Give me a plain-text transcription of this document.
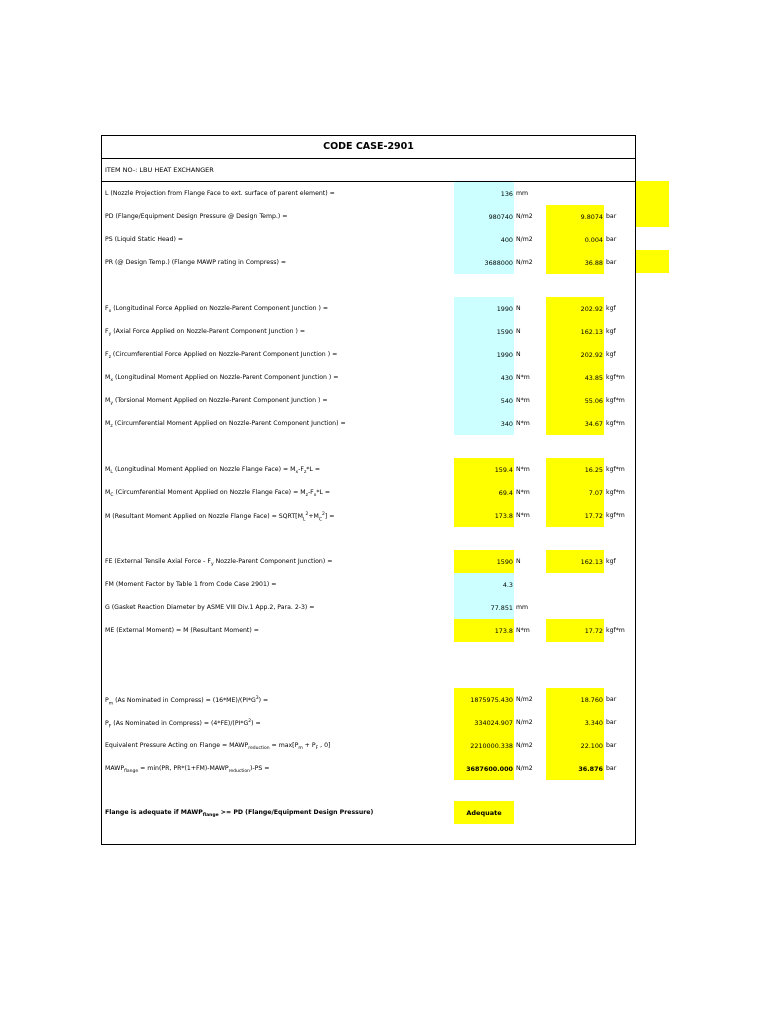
CODE CASE-2901
ITEM NO-: LBU HEAT EXCHANGER
L (Nozzle Projection from Flange Face to ext. surface of parent element) =	136 mm
PD (Flange/Equipment Design Pressure @ Design Temp.) =	980740 N/m2	9.8074 bar
PS (Liquid Static Head) =	400 N/m2	0.004 bar
PR (@ Design Temp.) (Flange MAWP rating in Compress) =	3688000 N/m2	36.88 bar
$F_x$ (Longitudinal Force Applied on Nozzle-Parent Component Junction ) =	1990 N	202.92 kgf
$F_y$ (Axial Force Applied on Nozzle-Parent Component Junction ) =	1590 N	162.13 kgf
$F_z$ (Circumferential Force Applied on Nozzle-Parent Component Junction ) =	1990 N	202.92 kgf
$M_x$ (Longitudinal Moment Applied on Nozzle-Parent Component Junction ) =	430 N*m	43.85 kgf*m
$M_y$ (Torsional Moment Applied on Nozzle-Parent Component Junction ) =	540 N*m	55.06 kgf*m
$M_z$ (Circumferential Moment Applied on Nozzle-Parent Component Junction) =	340 N*m	34.67 kgf*m
$M_L$ (Longitudinal Moment Applied on Nozzle Flange Face) = $M_x-F_z*L$ =	159.4 N*m	16.25 kgf*m
$M_C$ (Circumferential Moment Applied on Nozzle Flange Face) = $M_z-F_x*L$ =	69.4 N*m	7.07 kgf*m
M (Resultant Moment Applied on Nozzle Flange Face) = $SQRT[M_L^2+M_C^2]$ =	173.8 N*m	17.72 kgf*m
FE (External Tensile Axial Force - $F_y$ Nozzle-Parent Component Junction) =	1590 N	162.13 kgf
FM (Moment Factor by Table 1 from Code Case 2901) =	4.3
G (Gasket Reaction Diameter by ASME VIII Div.1 App.2, Para. 2-3) =	77.851 mm
ME (External Moment) = M (Resultant Moment) =	173.8 N*m	17.72 kgf*m
$P_m$ (As Nominated in Compress) = $(16*ME)/(PI*G^3)$ =	1875975.430 N/m2	18.760 bar
$P_F$ (As Nominated in Compress) = $(4*FE)/(PI*G^2)$ =	334024.907 N/m2	3.340 bar
Equivalent Pressure Acting on Flange = $MAWP_{reduction} = \max[P_m + P_F$ , 0]	2210000.338 N/m2	22.100 bar
$MAWP_{flange} = \min(PR$, $PR*(1+FM)-MAWP_{reduction})-PS$ =	3687600.000 N/m2	36.876 bar
Flange is adequate if $MAWP_{flange}$ >= PD (Flange/Equipment Design Pressure)	Adequate
